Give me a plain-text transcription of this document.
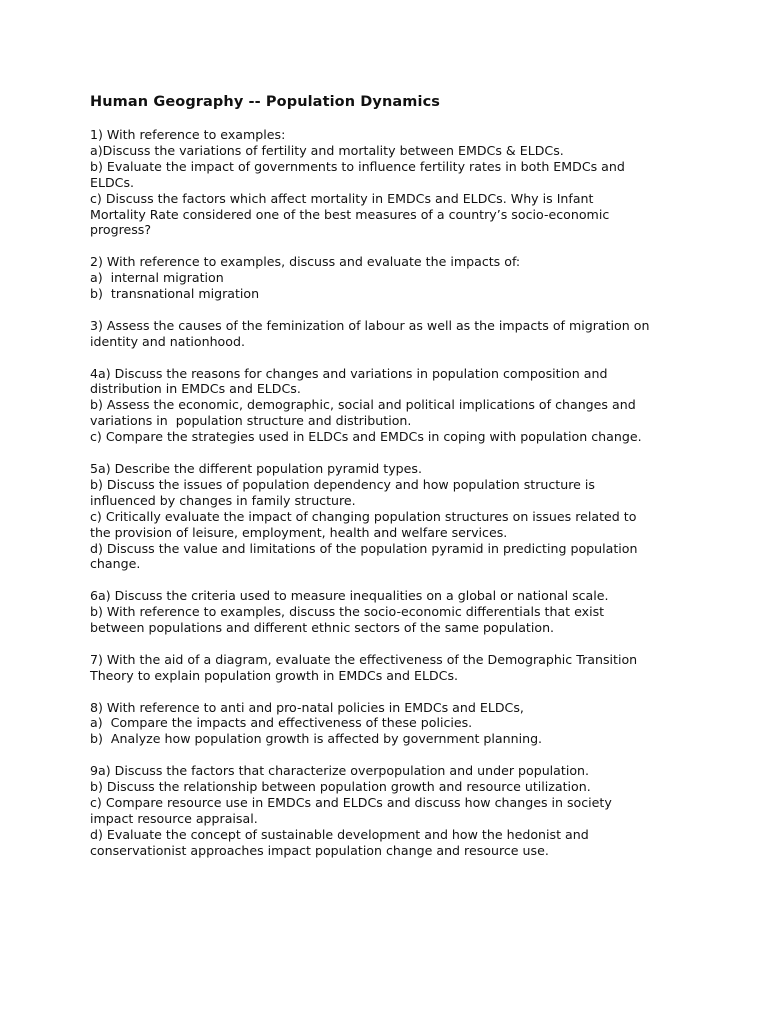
Human Geography -- Population Dynamics
1) With reference to examples:
a)Discuss the variations of fertility and mortality between EMDCs & ELDCs.
b) Evaluate the impact of governments to influence fertility rates in both EMDCs and
ELDCs.
c) Discuss the factors which affect mortality in EMDCs and ELDCs. Why is Infant
Mortality Rate considered one of the best measures of a country’s socio-economic
progress?
2) With reference to examples, discuss and evaluate the impacts of:
a)  internal migration
b)  transnational migration
3) Assess the causes of the feminization of labour as well as the impacts of migration on
identity and nationhood.
4a) Discuss the reasons for changes and variations in population composition and
distribution in EMDCs and ELDCs.
b) Assess the economic, demographic, social and political implications of changes and
variations in  population structure and distribution.
c) Compare the strategies used in ELDCs and EMDCs in coping with population change.
5a) Describe the different population pyramid types.
b) Discuss the issues of population dependency and how population structure is
influenced by changes in family structure.
c) Critically evaluate the impact of changing population structures on issues related to
the provision of leisure, employment, health and welfare services.
d) Discuss the value and limitations of the population pyramid in predicting population
change.
6a) Discuss the criteria used to measure inequalities on a global or national scale.
b) With reference to examples, discuss the socio-economic differentials that exist
between populations and different ethnic sectors of the same population.
7) With the aid of a diagram, evaluate the effectiveness of the Demographic Transition
Theory to explain population growth in EMDCs and ELDCs.
8) With reference to anti and pro-natal policies in EMDCs and ELDCs,
a)  Compare the impacts and effectiveness of these policies.
b)  Analyze how population growth is affected by government planning.
9a) Discuss the factors that characterize overpopulation and under population.
b) Discuss the relationship between population growth and resource utilization.
c) Compare resource use in EMDCs and ELDCs and discuss how changes in society
impact resource appraisal.
d) Evaluate the concept of sustainable development and how the hedonist and
conservationist approaches impact population change and resource use.
